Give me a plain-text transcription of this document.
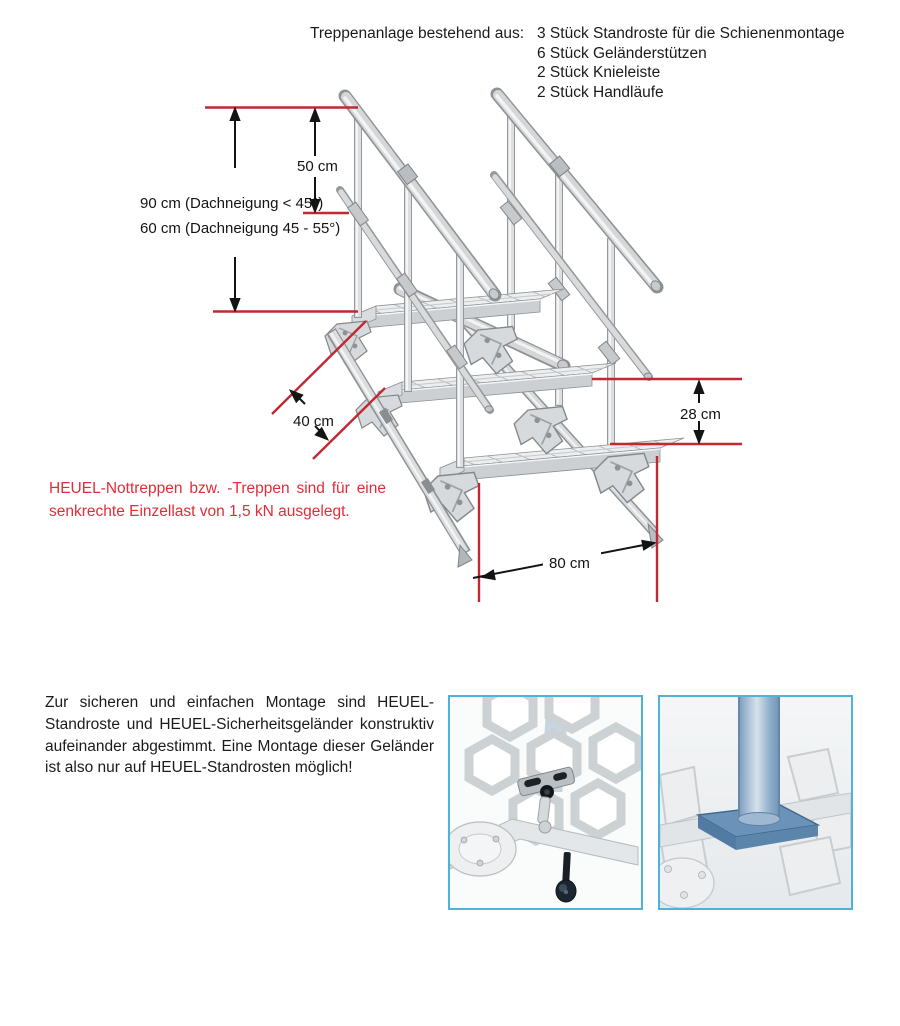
Treppenanlage bestehend aus: 3 Stück Standroste für die Schienenmontage
6 Stück Geländerstützen
2 Stück Knieleiste
2 Stück Handläufe
50 cm
90 cm (Dachneigung < 45°)
60 cm (Dachneigung 45 - 55°)
40 cm	28 cm
80 cm
HEUEL-Nottreppen bzw. -Treppen sind für eine
senkrechte Einzellast von 1,5 kN ausgelegt.
Zur sicheren und einfachen Montage sind HEUEL-
Standroste und HEUEL-Sicherheitsgeländer konstruktiv
aufeinander abgestimmt. Eine Montage dieser Geländer
ist also nur auf HEUEL-Standrosten möglich!
